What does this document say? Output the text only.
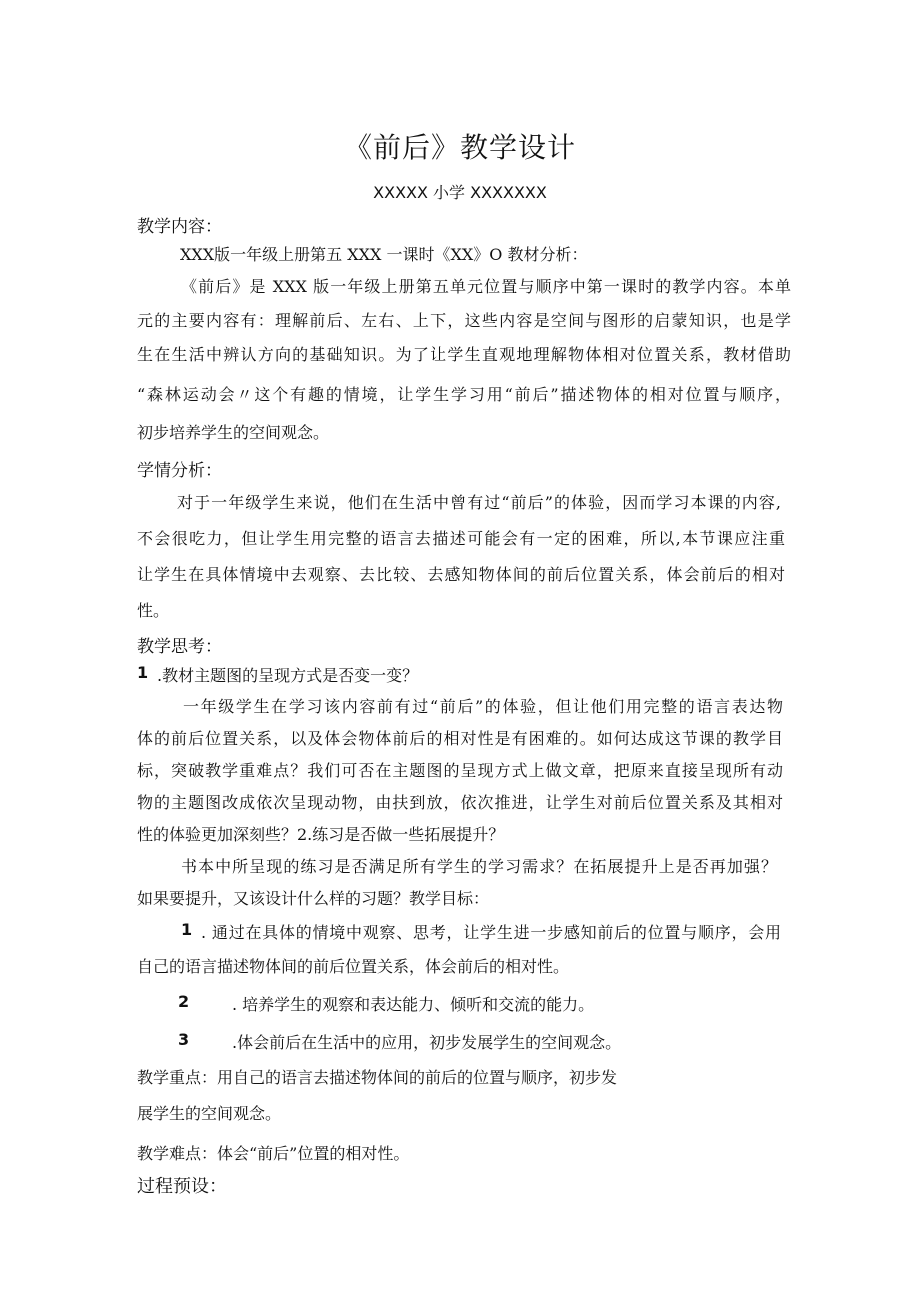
《前后》教学设计
XXXXX 小学 XXXXXXX
教学内容：
XXX版一年级上册第五 XXX 一课时《XX》O 教材分析：
《前后》是 XXX 版一年级上册第五单元位置与顺序中第一课时的教学内容。本单
元的主要内容有：理解前后、左右、上下，这些内容是空间与图形的启蒙知识，也是学
生在生活中辨认方向的基础知识。为了让学生直观地理解物体相对位置关系，教材借助
“森林运动会〃这个有趣的情境，让学生学习用“前后”描述物体的相对位置与顺序，
初步培养学生的空间观念。
学情分析：
对于一年级学生来说，他们在生活中曾有过“前后”的体验，因而学习本课的内容,
不会很吃力，但让学生用完整的语言去描述可能会有一定的困难，所以,本节课应注重
让学生在具体情境中去观察、去比较、去感知物体间的前后位置关系，体会前后的相对
性。
教学思考：
1 .教材主题图的呈现方式是否变一变？
一年级学生在学习该内容前有过“前后”的体验，但让他们用完整的语言表达物
体的前后位置关系，以及体会物体前后的相对性是有困难的。如何达成这节课的教学目
标，突破教学重难点？我们可否在主题图的呈现方式上做文章，把原来直接呈现所有动
物的主题图改成依次呈现动物，由扶到放，依次推进，让学生对前后位置关系及其相对
性的体验更加深刻些？2.练习是否做一些拓展提升？
书本中所呈现的练习是否满足所有学生的学习需求？在拓展提升上是否再加强？
如果要提升，又该设计什么样的习题？教学目标：
1 . 通过在具体的情境中观察、思考，让学生进一步感知前后的位置与顺序，会用
自己的语言描述物体间的前后位置关系，体会前后的相对性。
2	. 培养学生的观察和表达能力、倾听和交流的能力。
3	.体会前后在生活中的应用，初步发展学生的空间观念。
教学重点：用自己的语言去描述物体间的前后的位置与顺序，初步发
展学生的空间观念。
教学难点：体会“前后”位置的相对性。
过程预设：
